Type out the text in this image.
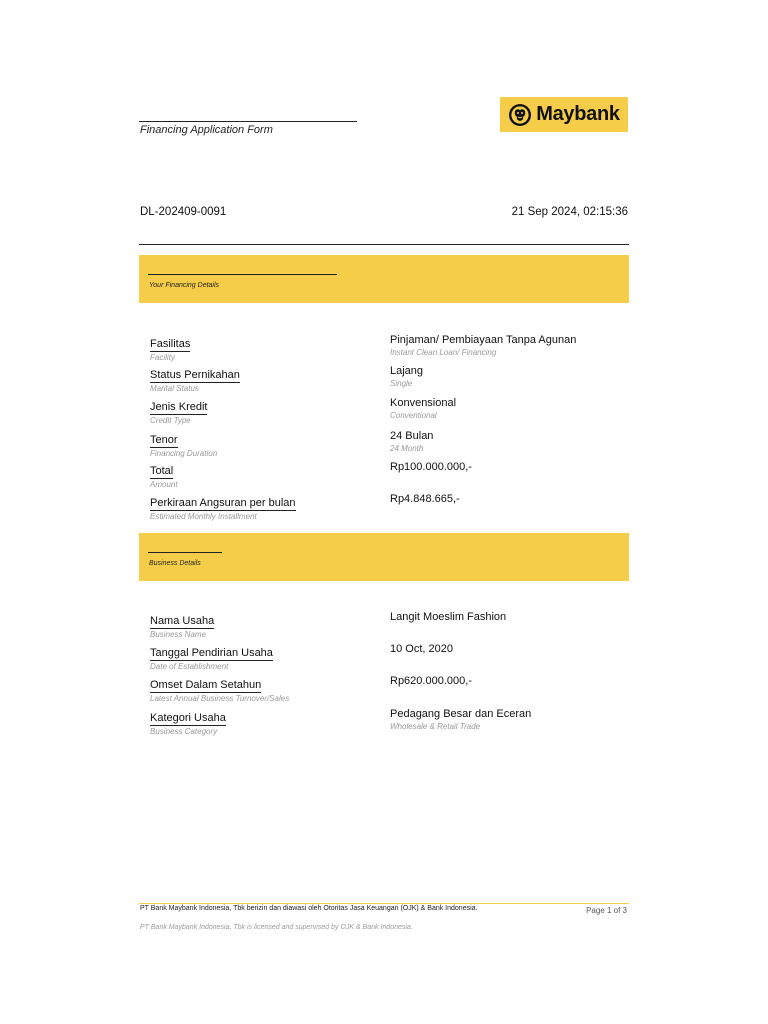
Financing Application Form
Maybank
DL-202409-0091	21 Sep 2024, 02:15:36
Your Financing Details
Fasilitas
Facility
Pinjaman/ Pembiayaan Tanpa Agunan
Instant Clean Loan/ Financing
Status Pernikahan
Marital Status
Lajang
Single
Jenis Kredit
Credit Type
Konvensional
Conventional
Tenor
Financing Duration
24 Bulan
24 Month
Total
Amount
Rp100.000.000,-
Perkiraan Angsuran per bulan
Estimated Monthly Installment
Rp4.848.665,-
Business Details
Nama Usaha
Business Name
Langit Moeslim Fashion
Tanggal Pendirian Usaha
Date of Establishment
10 Oct, 2020
Omset Dalam Setahun
Latest Annual Business Turnover/Sales
Rp620.000.000,-
Kategori Usaha
Business Category
Pedagang Besar dan Eceran
Wholesale & Retail Trade
PT Bank Maybank Indonesia, Tbk berizin dan diawasi oleh Otoritas Jasa Keuangan (OJK) & Bank Indonesia.
PT Bank Maybank Indonesia, Tbk is licensed and supervised by OJK & Bank Indonesia.
Page 1 of 3
